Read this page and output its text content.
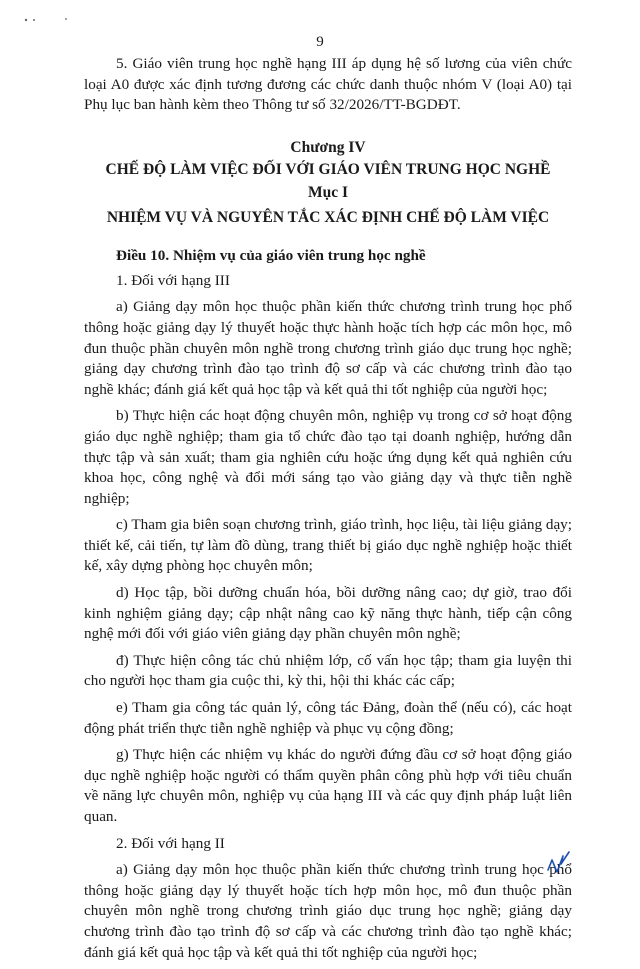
9

5. Giáo viên trung học nghề hạng III áp dụng hệ số lương của viên chức loại A0 được xác định tương đương các chức danh thuộc nhóm V (loại A0) tại Phụ lục ban hành kèm theo Thông tư số 32/2026/TT-BGDĐT.

Chương IV
CHẾ ĐỘ LÀM VIỆC ĐỐI VỚI GIÁO VIÊN TRUNG HỌC NGHỀ
Mục I
NHIỆM VỤ VÀ NGUYÊN TẮC XÁC ĐỊNH CHẾ ĐỘ LÀM VIỆC
Điều 10. Nhiệm vụ của giáo viên trung học nghề

1. Đối với hạng III

a) Giảng dạy môn học thuộc phần kiến thức chương trình trung học phổ thông hoặc giảng dạy lý thuyết hoặc thực hành hoặc tích hợp các môn học, mô đun thuộc phần chuyên môn nghề trong chương trình giáo dục trung học nghề; giảng dạy chương trình đào tạo trình độ sơ cấp và các chương trình đào tạo nghề khác; đánh giá kết quả học tập và kết quả thi tốt nghiệp của người học;

b) Thực hiện các hoạt động chuyên môn, nghiệp vụ trong cơ sở hoạt động giáo dục nghề nghiệp; tham gia tổ chức đào tạo tại doanh nghiệp, hướng dẫn thực tập và sản xuất; tham gia nghiên cứu hoặc ứng dụng kết quả nghiên cứu khoa học, công nghệ và đổi mới sáng tạo vào giảng dạy và thực tiễn nghề nghiệp;

c) Tham gia biên soạn chương trình, giáo trình, học liệu, tài liệu giảng dạy; thiết kế, cải tiến, tự làm đồ dùng, trang thiết bị giáo dục nghề nghiệp hoặc thiết kế, xây dựng phòng học chuyên môn;

d) Học tập, bồi dưỡng chuẩn hóa, bồi dưỡng nâng cao; dự giờ, trao đổi kinh nghiệm giảng dạy; cập nhật nâng cao kỹ năng thực hành, tiếp cận công nghệ mới đối với giáo viên giảng dạy phần chuyên môn nghề;

đ) Thực hiện công tác chủ nhiệm lớp, cố vấn học tập; tham gia luyện thi cho người học tham gia cuộc thi, kỳ thi, hội thi khác các cấp;

e) Tham gia công tác quản lý, công tác Đảng, đoàn thể (nếu có), các hoạt động phát triển thực tiễn nghề nghiệp và phục vụ cộng đồng;

g) Thực hiện các nhiệm vụ khác do người đứng đầu cơ sở hoạt động giáo dục nghề nghiệp hoặc người có thẩm quyền phân công phù hợp với tiêu chuẩn về năng lực chuyên môn, nghiệp vụ của hạng III và các quy định pháp luật liên quan.

2. Đối với hạng II

a) Giảng dạy môn học thuộc phần kiến thức chương trình trung học phổ thông hoặc giảng dạy lý thuyết hoặc tích hợp môn học, mô đun thuộc phần chuyên môn nghề trong chương trình giáo dục trung học nghề; giảng dạy chương trình đào tạo trình độ sơ cấp và các chương trình đào tạo nghề khác; đánh giá kết quả học tập và kết quả thi tốt nghiệp của người học;
